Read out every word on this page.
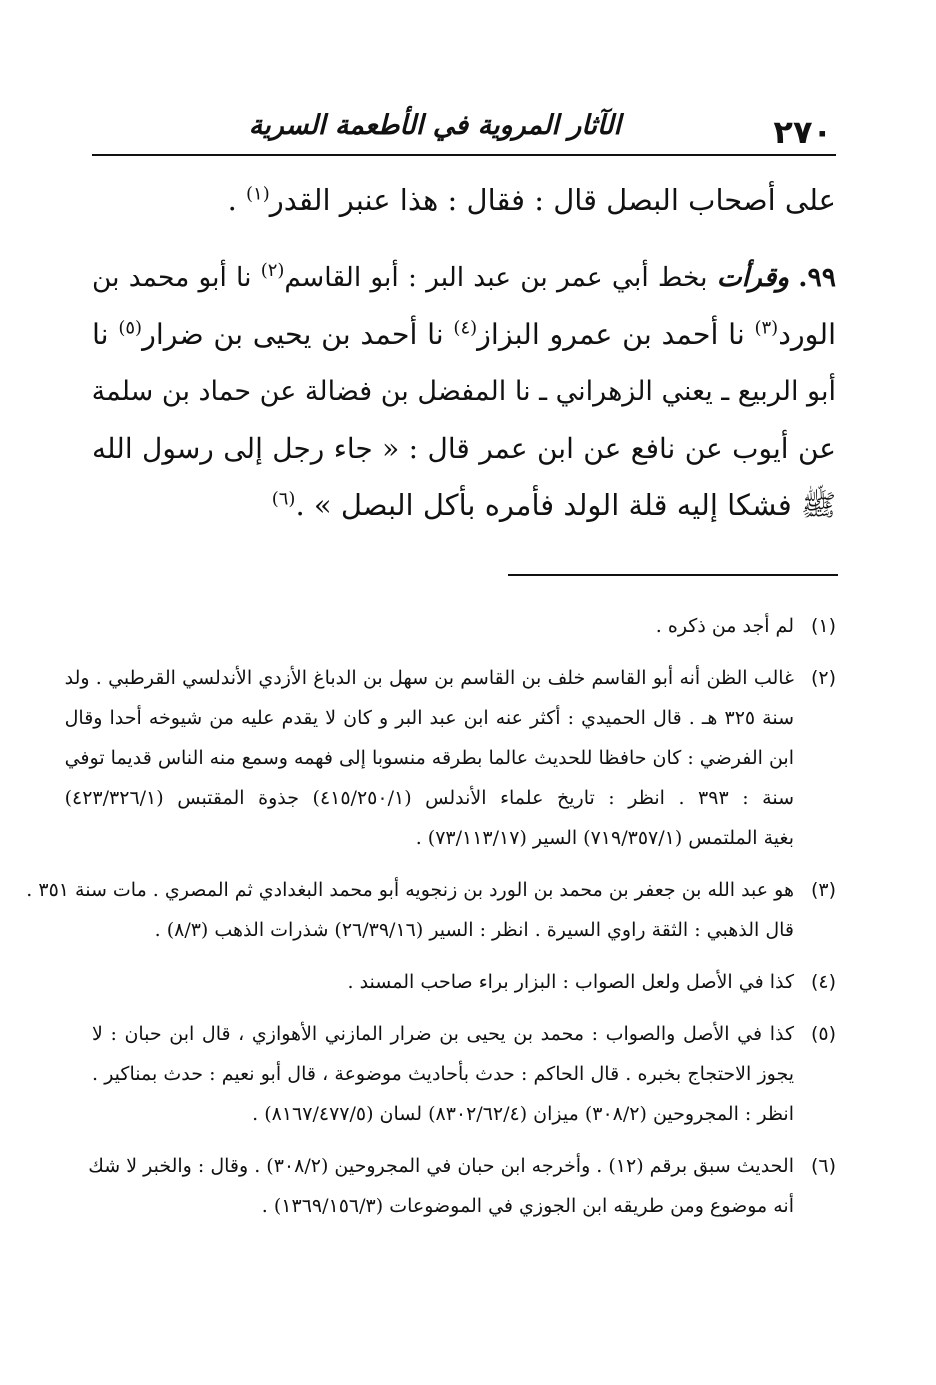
٢٧٠
الآثار المروية في الأطعمة السرية
على أصحاب البصل قال : فقال : هذا عنبر القدر$^{(١)}$ .
٩٩. وقرأت بخط أبي عمر بن عبد البر : أبو القاسم$^{(٢)}$ نا أبو محمد بن
الورد$^{(٣)}$ نا أحمد بن عمرو البزاز$^{(٤)}$ نا أحمد بن يحيى بن ضرار$^{(٥)}$ نا
أبو الربيع ـ يعني الزهراني ـ نا المفضل بن فضالة عن حماد بن سلمة
عن أيوب عن نافع عن ابن عمر قال : « جاء رجل إلى رسول الله
ﷺ فشكا إليه قلة الولد فأمره بأكل البصل » .$^{(٦)}$
(١)
لم أجد من ذكره .
(٢)
غالب الظن أنه أبو القاسم خلف بن القاسم بن سهل بن الدباغ الأزدي الأندلسي القرطبي . ولد
سنة ٣٢٥ هـ . قال الحميدي : أكثر عنه ابن عبد البر و كان لا يقدم عليه من شيوخه أحدا وقال
ابن الفرضي : كان حافظا للحديث عالما بطرقه منسوبا إلى فهمه وسمع منه الناس قديما توفي
سنة : ٣٩٣ . انظر : تاريخ علماء الأندلس (٤١٥/٢٥٠/١) جذوة المقتبس (٤٢٣/٣٢٦/١)
بغية الملتمس (٧١٩/٣٥٧/١) السير (٧٣/١١٣/١٧) .
(٣)
هو عبد الله بن جعفر بن محمد بن الورد بن زنجويه أبو محمد البغدادي ثم المصري . مات سنة ٣٥١ .
قال الذهبي : الثقة راوي السيرة . انظر : السير (٢٦/٣٩/١٦) شذرات الذهب (٨/٣) .
(٤)
كذا في الأصل ولعل الصواب : البزار براء صاحب المسند .
(٥)
كذا في الأصل والصواب : محمد بن يحيى بن ضرار المازني الأهوازي ، قال ابن حبان : لا
يجوز الاحتجاج بخبره . قال الحاكم : حدث بأحاديث موضوعة ، قال أبو نعيم : حدث بمناكير .
انظر : المجروحين (٣٠٨/٢) ميزان (٨٣٠٢/٦٢/٤) لسان (٨١٦٧/٤٧٧/٥) .
(٦)
الحديث سبق برقم (١٢) . وأخرجه ابن حبان في المجروحين (٣٠٨/٢) . وقال : والخبر لا شك
أنه موضوع ومن طريقه ابن الجوزي في الموضوعات (١٣٦٩/١٥٦/٣) .
